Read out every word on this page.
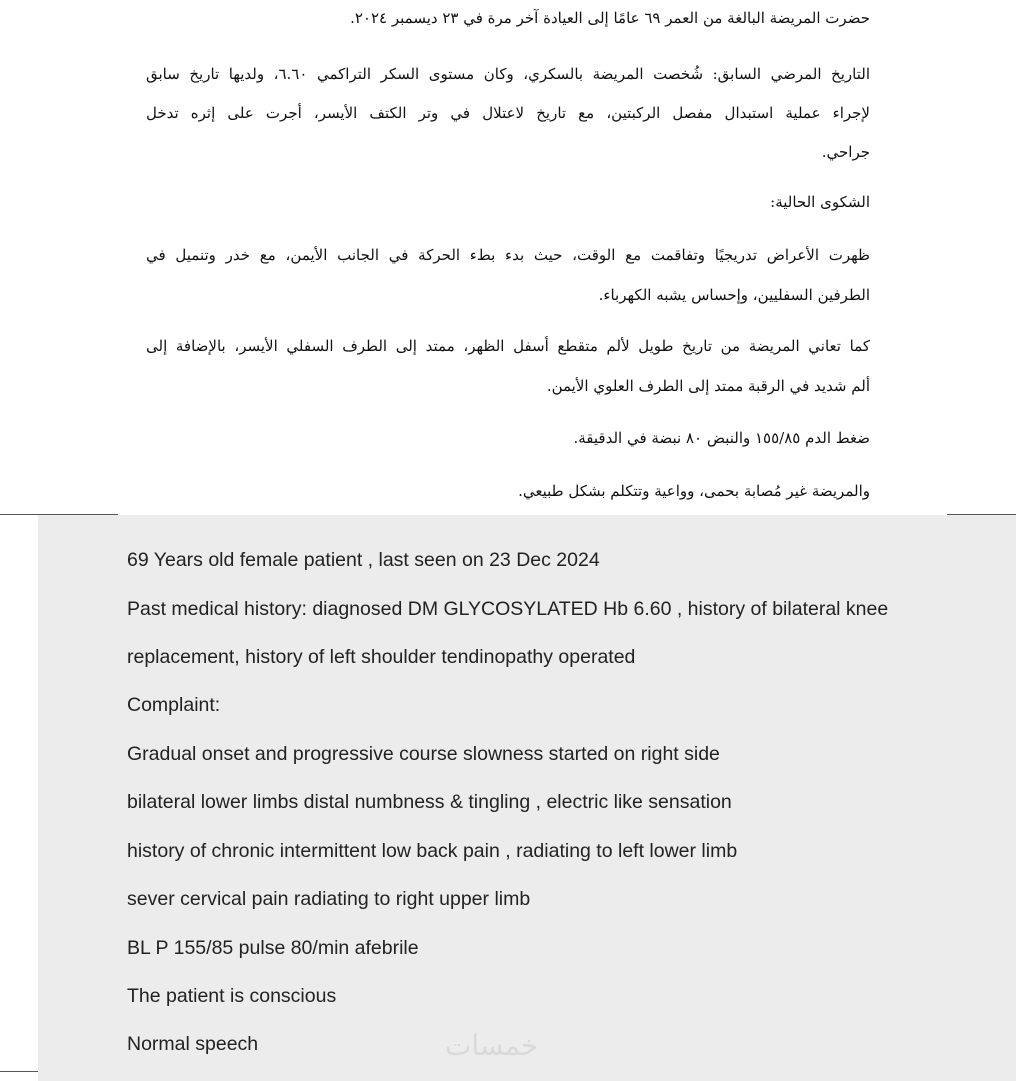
حضرت المريضة البالغة من العمر ٦٩ عامًا إلى العيادة آخر مرة في ٢٣ ديسمبر ٢٠٢٤.
التاريخ المرضي السابق: شُخصت المريضة بالسكري، وكان مستوى السكر التراكمي ٦.٦٠، ولديها تاريخ سابق
لإجراء عملية استبدال مفصل الركبتين، مع تاريخ لاعتلال في وتر الكتف الأيسر، أجرت على إثره تدخل
جراحي.
الشكوى الحالية:
ظهرت الأعراض تدريجيًا وتفاقمت مع الوقت، حيث بدء بطء الحركة في الجانب الأيمن، مع خدر وتنميل في
الطرفين السفليين، وإحساس يشبه الكهرباء.
كما تعاني المريضة من تاريخ طويل لألم متقطع أسفل الظهر، ممتد إلى الطرف السفلي الأيسر، بالإضافة إلى
ألم شديد في الرقبة ممتد إلى الطرف العلوي الأيمن.
ضغط الدم ١٥٥/٨٥ والنبض ٨٠ نبضة في الدقيقة.
والمريضة غير مُصابة بحمى، وواعية وتتكلم بشكل طبيعي.
69 Years old female patient , last seen on 23 Dec 2024
Past medical history: diagnosed DM GLYCOSYLATED Hb 6.60 , history of bilateral knee
replacement, history of left shoulder tendinopathy operated
Complaint:
Gradual onset and progressive course slowness started on right side
bilateral lower limbs distal numbness & tingling , electric like sensation
history of chronic intermittent low back pain , radiating to left lower limb
sever cervical pain radiating to right upper limb
BL P 155/85 pulse 80/min afebrile
The patient is conscious
Normal speech	خمسات
